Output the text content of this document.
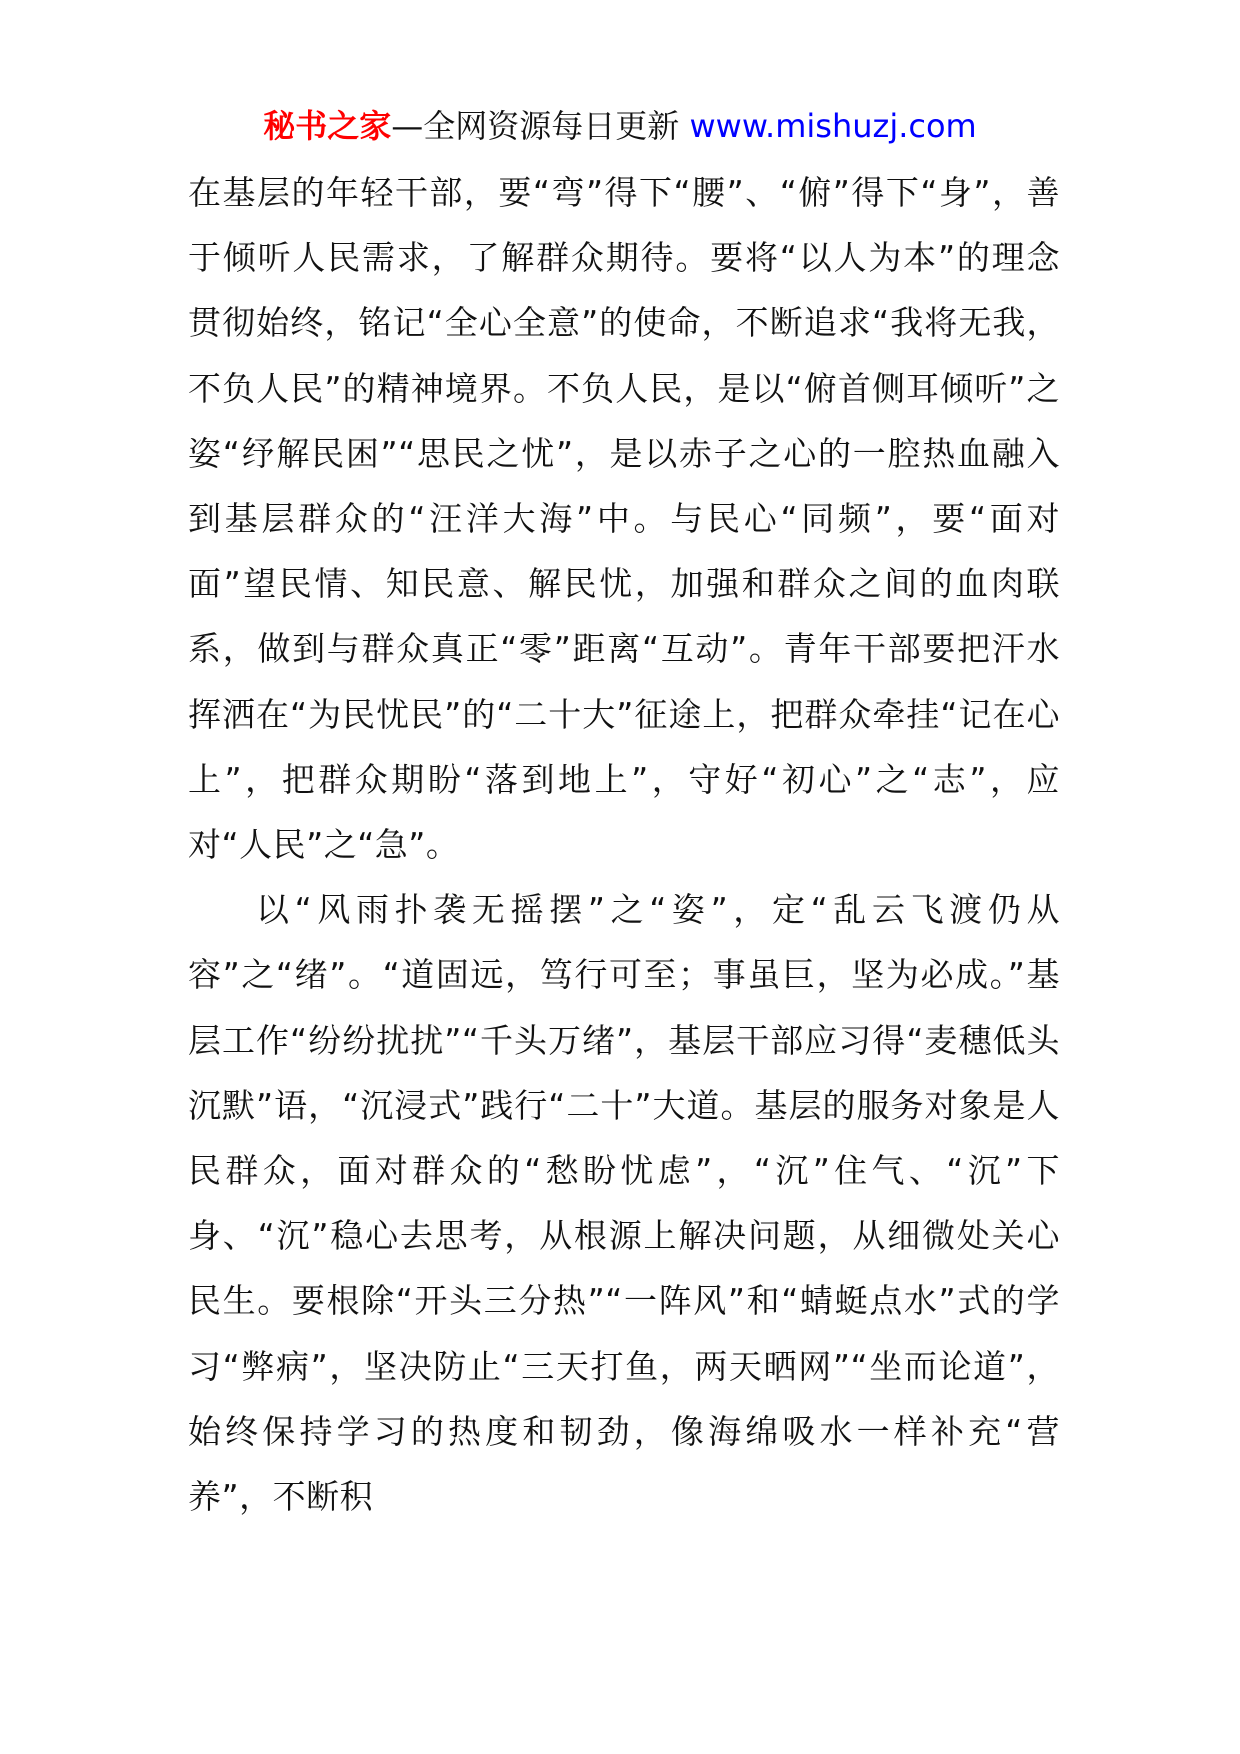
秘书之家—全网资源每日更新 www.mishuzj.com

在基层的年轻干部，要“弯”得下“腰”、“俯”得下“身”，善于倾听人民需求，了解群众期待。要将“以人为本”的理念贯彻始终，铭记“全心全意”的使命，不断追求“我将无我，不负人民”的精神境界。不负人民，是以“俯首侧耳倾听”之姿“纾解民困”“思民之忧”，是以赤子之心的一腔热血融入到基层群众的“汪洋大海”中。与民心“同频”，要“面对面”望民情、知民意、解民忧，加强和群众之间的血肉联系，做到与群众真正“零”距离“互动”。青年干部要把汗水挥洒在“为民忧民”的“二十大”征途上，把群众牵挂“记在心上”，把群众期盼“落到地上”，守好“初心”之“志”，应对“人民”之“急”。

以“风雨扑袭无摇摆”之“姿”，定“乱云飞渡仍从容”之“绪”。“道固远，笃行可至；事虽巨，坚为必成。”基层工作“纷纷扰扰”“千头万绪”，基层干部应习得“麦穗低头沉默”语，“沉浸式”践行“二十”大道。基层的服务对象是人民群众，面对群众的“愁盼忧虑”，“沉”住气、“沉”下身、“沉”稳心去思考，从根源上解决问题，从细微处关心民生。要根除“开头三分热”“一阵风”和“蜻蜓点水”式的学习“弊病”，坚决防止“三天打鱼，两天晒网”“坐而论道”，始终保持学习的热度和韧劲，像海绵吸水一样补充“营养”，不断积
